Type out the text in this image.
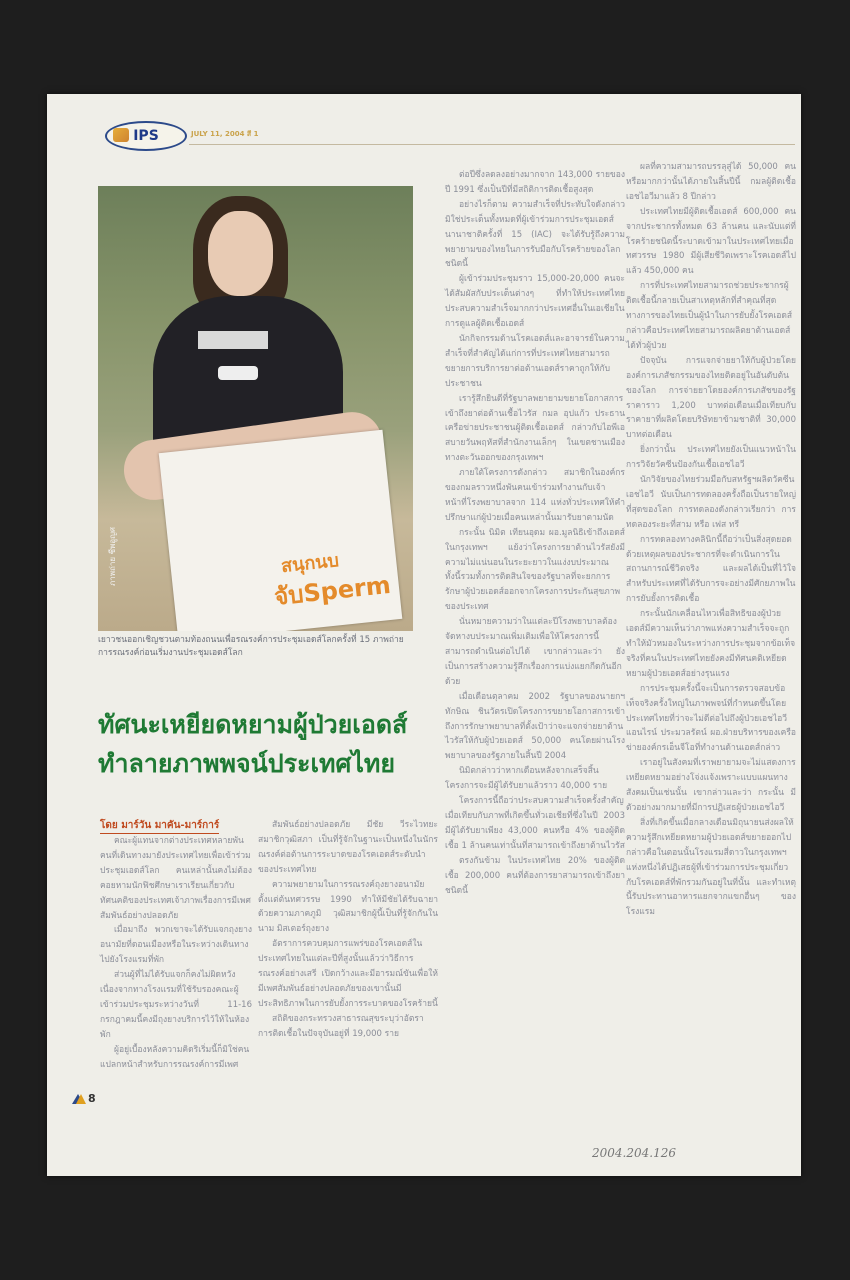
IPS	JULY 11, 2004 สี 1
สนุกนบ
จับSperm
ภาพถ่าย ชีพอูญศ
เยาวชนออกเชิญชวนตามท้องถนนเพื่อรณรงค์การประชุมเอดส์โลกครั้งที่ 15 ภาพถ่ายการรณรงค์ก่อนเริ่มงานประชุมเอดส์โลก
ทัศนะเหยียดหยามผู้ป่วยเอดส์
ทำลายภาพพจน์ประเทศไทย
โดย มาร์วัน มาคัน-มาร์การ์

คณะผู้แทนจากต่างประเทศหลายพันคนที่เดินทางมายังประเทศไทยเพื่อเข้าร่วมประชุมเอดส์โลก คนเหล่านั้นคงไม่ต้องคอยหามนักฟิชศึกษาเราเรียนเกี่ยวกับทัศนคติของประเทศเจ้าภาพเรื่องการมีเพศสัมพันธ์อย่างปลอดภัย

เมื่อมาถึง พวกเขาจะได้รับแจกถุงยางอนามัยที่ดอนเมืองหรือในระหว่างเดินทางไปยังโรงแรมที่พัก

ส่วนผู้ที่ไม่ได้รับแจกก็คงไม่ผิดหวัง เนื่องจากทางโรงแรมที่ใช้รับรองคณะผู้เข้าร่วมประชุมระหว่างวันที่ 11-16 กรกฎาคมนี้คงมีถุงยางบริการไว้ให้ในห้องพัก

ผู้อยู่เบื้องหลังความคิดริเริ่มนี้ก็มิใช่คนแปลกหน้าสำหรับการรณรงค์การมีเพศ

สัมพันธ์อย่างปลอดภัย มีชัย วีระไวทยะ สมาชิกวุฒิสภา เป็นที่รู้จักในฐานะเป็นหนึ่งในนักรณรงค์ต่อต้านการระบาดของโรคเอดส์ระดับนำของประเทศไทย

ความพยายามในการรณรงค์ถุงยางอนามัยตั้งแต่ต้นทศวรรษ 1990 ทำให้มีชัยได้รับฉายาด้วยความภาคภูมิ วุฒิสมาชิกผู้นี้เป็นที่รู้จักกันในนาม มิสเตอร์ถุงยาง

อัตราการควบคุมการแพร่ของโรคเอดส์ในประเทศไทยในแต่ละปีที่สูงนั้นแล้วว่าวิธีการรณรงค์อย่างเสรี เปิดกว้างและมีอารมณ์ขันเพื่อให้มีเพศสัมพันธ์อย่างปลอดภัยของเขานั้นมีประสิทธิภาพในการยับยั้งการระบาดของโรคร้ายนี้

สถิติของกระทรวงสาธารณสุขระบุว่าอัตราการติดเชื้อในปัจจุบันอยู่ที่ 19,000 ราย

ต่อปีซึ่งลดลงอย่างมากจาก 143,000 รายของปี 1991 ซึ่งเป็นปีที่มีสถิติการติดเชื้อสูงสุด

อย่างไรก็ตาม ความสำเร็จที่ประทับใจดังกล่าวมิใช่ประเด็นทั้งหมดที่ผู้เข้าร่วมการประชุมเอดส์นานาชาติครั้งที่ 15 (IAC) จะได้รับรู้ถึงความพยายามของไทยในการรับมือกับโรคร้ายของโลกชนิดนี้

ผู้เข้าร่วมประชุมราว 15,000-20,000 คนจะได้สัมผัสกับประเด็นต่างๆ ที่ทำให้ประเทศไทยประสบความสำเร็จมากกว่าประเทศอื่นในเอเชียในการดูแลผู้ติดเชื้อเอดส์

นักกิจกรรมด้านโรคเอดส์และอาจารย์ในความสำเร็จที่สำคัญได้แก่การที่ประเทศไทยสามารถขยายการบริการยาต่อต้านเอดส์ราคาถูกให้กับประชาชน

เรารู้สึกยินดีที่รัฐบาลพยายามขยายโอกาสการเข้าถึงยาต่อต้านเชื้อไวรัส กมล อุปแก้ว ประธานเครือข่ายประชาชนผู้ติดเชื้อเอดส์ กล่าวกับไอพีเอสบายวันพฤหัสที่สำนักงานเล็กๆ ในเขตชานเมืองทางตะวันออกของกรุงเทพฯ

ภายใต้โครงการดังกล่าว สมาชิกในองค์กรของกมลราวหนึ่งพันคนเข้าร่วมทำงานกับเจ้าหน้าที่โรงพยาบาลจาก 114 แห่งทั่วประเทศให้คำปรึกษาแก่ผู้ป่วยเมื่อคนเหล่านั้นมารับยาตามนัด

กระนั้น นิมิต เทียนอุดม ผอ.มูลนิธิเข้าถึงเอดส์ในกรุงเทพฯ แย้งว่าโครงการยาต้านไวรัสยังมีความไม่แน่นอนในระยะยาวในแง่งบประมาณ ทั้งนี้รวมทั้งการติดสินใจของรัฐบาลที่จะยกการรักษาผู้ป่วยเอดส์ออกจากโครงการประกันสุขภาพของประเทศ

นั่นหมายความว่าในแต่ละปีโรงพยาบาลต้องจัดหางบประมาณเพิ่มเติมเพื่อให้โครงการนี้สามารถดำเนินต่อไปได้ เขากล่าวและว่า ยังเป็นการสร้างความรู้สึกเรื่องการแบ่งแยกกีดกันอีกด้วย

เมื่อเดือนตุลาคม 2002 รัฐบาลของนายกฯทักษิณ ชินวัตรเปิดโครงการขยายโอกาสการเข้าถึงการรักษาพยาบาลที่ตั้งเป้าว่าจะแจกจ่ายยาต้านไวรัสให้กับผู้ป่วยเอดส์ 50,000 คนโดยผ่านโรงพยาบาลของรัฐภายในสิ้นปี 2004

นิมิตกล่าวว่าหากเดือนหลังจากเสร็จสิ้นโครงการจะมีผู้ได้รับยาแล้วราว 40,000 ราย

โครงการนี้ถือว่าประสบความสำเร็จครั้งสำคัญเมื่อเทียบกับภาพที่เกิดขึ้นทั่วเอเชียที่ซึ่งในปี 2003 มีผู้ได้รับยาเพียง 43,000 คนหรือ 4% ของผู้ติดเชื้อ 1 ล้านคนเท่านั้นที่สามารถเข้าถึงยาต้านไวรัส

ตรงกันข้าม ในประเทศไทย 20% ของผู้ติดเชื้อ 200,000 คนที่ต้องการยาสามารถเข้าถึงยาชนิดนี้

ผลที่ความสามารถบรรลุสู่ได้ 50,000 คนหรือมากกว่านั้นได้ภายในสิ้นปีนี้ กมลผู้ติดเชื้อเอชไอวีมาแล้ว 8 ปีกล่าว

ประเทศไทยมีผู้ติดเชื้อเอดส์ 600,000 คนจากประชากรทั้งหมด 63 ล้านคน และนับแต่ที่โรคร้ายชนิดนี้ระบาดเข้ามาในประเทศไทยเมื่อทศวรรษ 1980 มีผู้เสียชีวิตเพราะโรคเอดส์ไปแล้ว 450,000 คน

การที่ประเทศไทยสามารถช่วยประชากรผู้ติดเชื้อนี้กลายเป็นสาเหตุหลักที่สำคุณที่สุดทางการของไทยเป็นผู้นำในการยับยั้งโรคเอดส์ กล่าวคือประเทศไทยสามารถผลิตยาต้านเอดส์ได้ทั่วผู้ป่วย

ปัจจุบัน การแจกจ่ายยาให้กับผู้ป่วยโดยองค์การเภสัชกรรมของไทยติดอยู่ในอันดับต้นของโลก การจ่ายยาโดยองค์การเภสัชของรัฐราคาราว 1,200 บาทต่อเดือนเมื่อเทียบกับราคายาที่ผลิตโดยบริษัทยาข้ามชาติที่ 30,000 บาทต่อเดือน

ยิ่งกว่านั้น ประเทศไทยยังเป็นแนวหน้าในการวิจัยวัคซีนป้องกันเชื้อเอชไอวี

นักวิจัยของไทยร่วมมือกับสหรัฐฯผลิตวัคซีนเอชไอวี นับเป็นการทดลองครั้งถือเป็นรายใหญ่ที่สุดของโลก การทดลองดังกล่าวเรียกว่า การทดลองระยะที่สาม หรือ เฟส ทรี

การทดลองทางคลินิกนี้ถือว่าเป็นสิ่งสุดยอดด้วยเหตุผลของประชากรที่จะดำเนินการในสถานการณ์ชีวิตจริง และผลได้เป็นที่ไว้ใจสำหรับประเทศที่ได้รับการจะอย่างมีศักยภาพในการยับยั้งการติดเชื้อ

กระนั้นนักเคลื่อนไหวเพื่อสิทธิของผู้ป่วยเอดส์มีความเห็นว่าภาพแห่งความสำเร็จจะถูกทำให้มัวหมองในระหว่างการประชุมจากข้อเท็จจริงที่คนในประเทศไทยยังคงมีทัศนคติเหยียดหยามผู้ป่วยเอดส์อย่างรุนแรง

การประชุมครั้งนี้จะเป็นการตรวจสอบข้อเท็จจริงครั้งใหญ่ในภาพพจน์ที่กำหนดขึ้นโดยประเทศไทยที่ว่าจะไม่ดีต่อไปถึงผู้ป่วยเอชไอวี แอนไรน์ ประมวลรัตน์ ผอ.ฝ่ายบริหารของเครือข่ายองค์กรเอ็นจีโอที่ทำงานด้านเอดส์กล่าว

เราอยู่ในสังคมที่เราพยายามจะไม่แสดงการเหยียดหยามอย่างโจ่งแจ้งเพราะแบบแผนทางสังคมเป็นเช่นนั้น เขากล่าวและว่า กระนั้น มีตัวอย่างมากมายที่มีการปฏิเสธผู้ป่วยเอชไอวี

สิ่งที่เกิดขึ้นเมื่อกลางเดือนมิถุนายนส่งผลให้ความรู้สึกเหยียดหยามผู้ป่วยเอดส์ขยายออกไป กล่าวคือในตอนนั้นโรงแรมสี่ดาวในกรุงเทพฯ แห่งหนึ่งได้ปฏิเสธผู้ที่เข้าร่วมการประชุมเกี่ยวกับโรคเอดส์ที่พักรวมกันอยู่ในที่นั้น และทำเหตุนี้รับประทานอาหารแยกจากแขกอื่นๆ ของโรงแรม

8
2004.204.126
